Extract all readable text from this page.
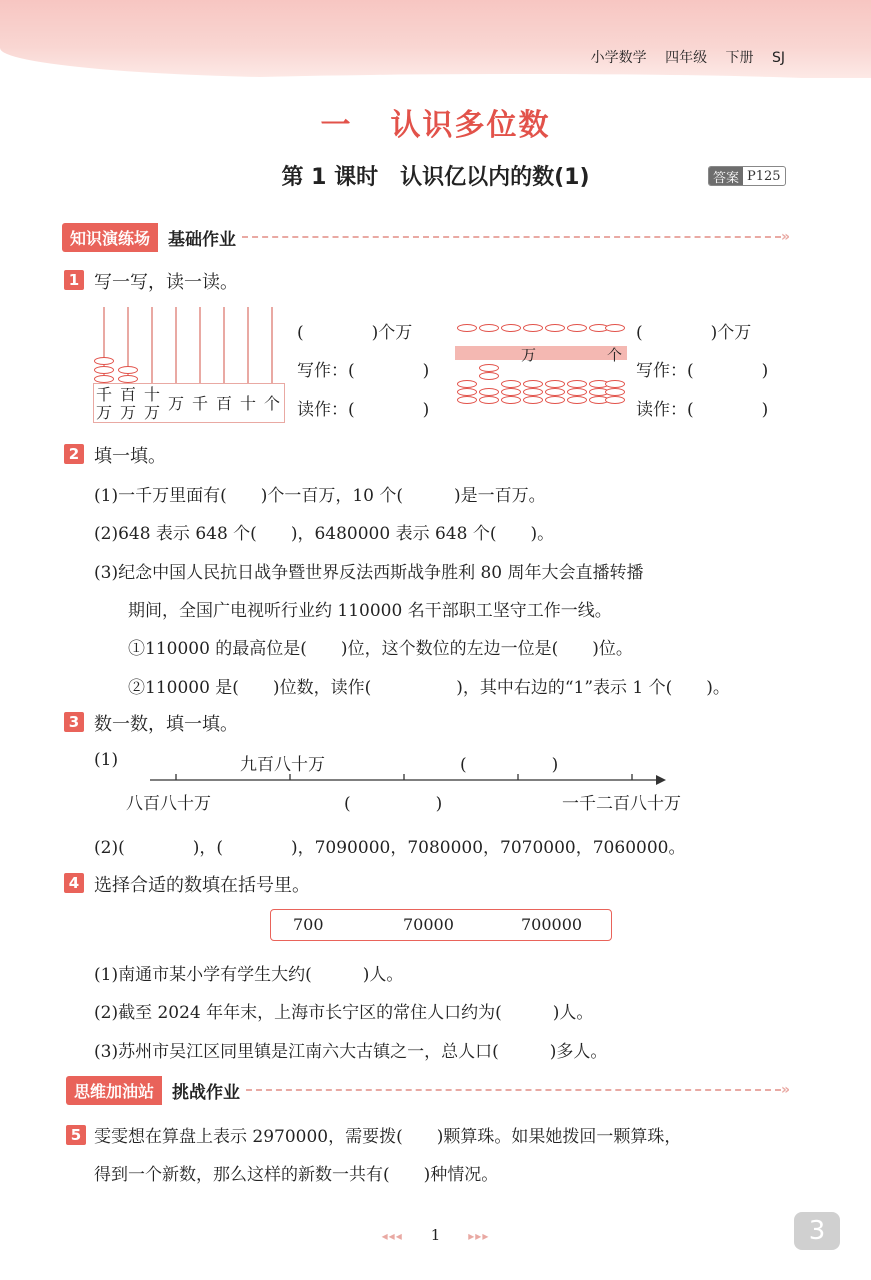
小学数学 四年级 下册 SJ
一 认识多位数
第 1 课时　认识亿以内的数(1)	答案 P125
知识演练场	基础作业	»
1 写一写，读一读。
千万
百万
十万 万 千 百 十 个
(　　　　)个万
写作：(　　　　)
读作：(　　　　)
万	个
(　　　　)个万
写作：(　　　　)
读作：(　　　　)
2 填一填。
(1)一千万里面有(　　)个一百万，10 个(　　　)是一百万。
(2)648 表示 648 个(　　)，6480000 表示 648 个(　　)。
(3)纪念中国人民抗日战争暨世界反法西斯战争胜利 80 周年大会直播转播
期间，全国广电视听行业约 110000 名干部职工坚守工作一线。
①110000 的最高位是(　　)位，这个数位的左边一位是(　　)位。
②110000 是(　　)位数，读作(　　　　　)，其中右边的“1”表示 1 个(　　)。
3 数一数，填一填。
(1)	九百八十万	(　　　　　)
八百八十万	(　　　　　)	一千二百八十万
(2)(　　　　)，(　　　　)，7090000，7080000，7070000，7060000。
4 选择合适的数填在括号里。
700	70000	700000
(1)南通市某小学有学生大约(　　　)人。
(2)截至 2024 年年末，上海市长宁区的常住人口约为(　　　)人。
(3)苏州市吴江区同里镇是江南六大古镇之一，总人口(　　　)多人。
思维加油站	挑战作业	»
5 雯雯想在算盘上表示 2970000，需要拨(　　)颗算珠。如果她拨回一颗算珠，
得到一个新数，那么这样的新数一共有(　　)种情况。
◂◂◂ 1 ▸▸▸	3
